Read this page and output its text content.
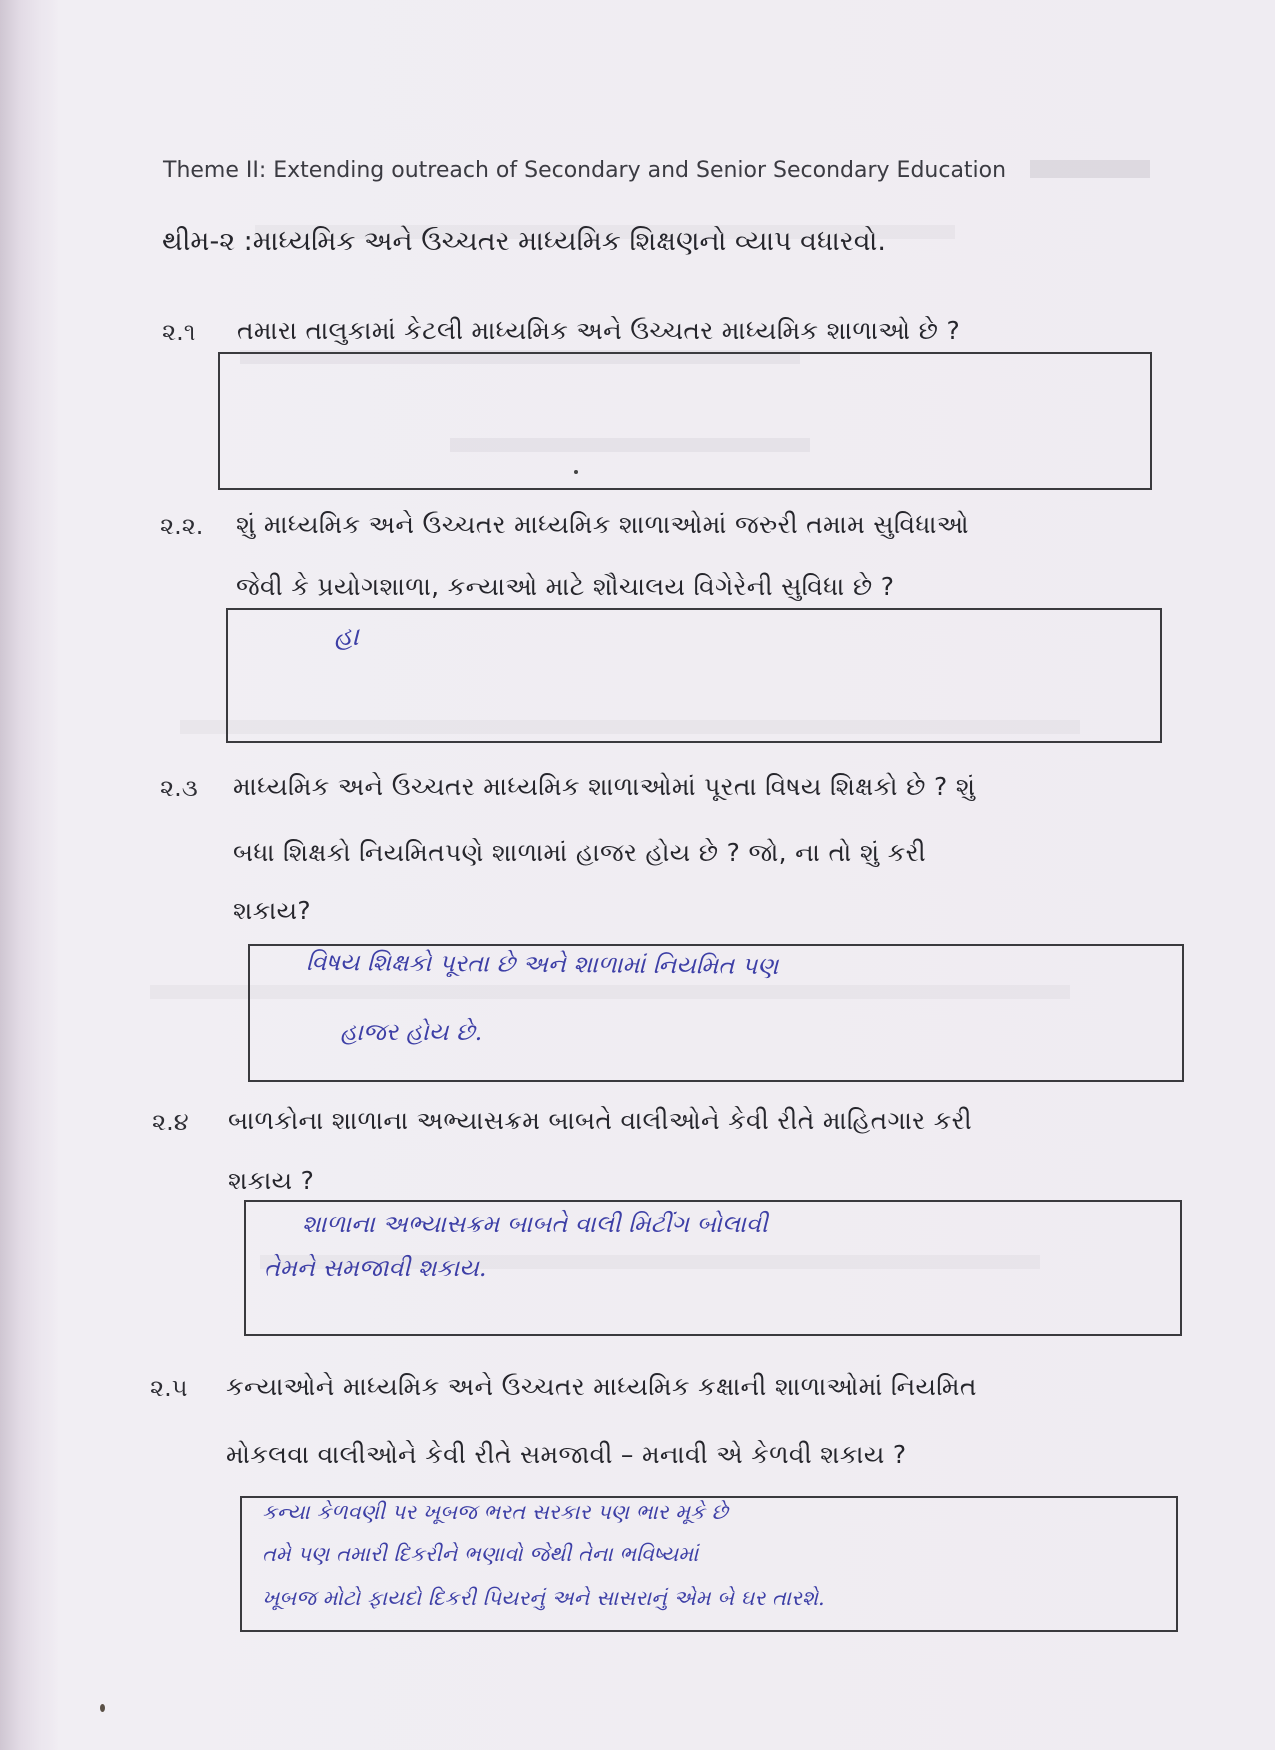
Theme II: Extending outreach of Secondary and Senior Secondary Education
થીમ-૨ :માધ્યમિક અને ઉચ્ચતર માધ્યમિક શિક્ષણનો વ્યાપ વધારવો.
૨.૧ તમારા તાલુકામાં કેટલી માધ્યમિક અને ઉચ્ચતર માધ્યમિક શાળાઓ છે ?
૨.૨. શું માધ્યમિક અને ઉચ્ચતર માધ્યમિક શાળાઓમાં જરુરી તમામ સુવિધાઓ
જેવી કે પ્રયોગશાળા, કન્યાઓ માટે શૌચાલય વિગેરેની સુવિધા છે ?
હા
૨.૩ માધ્યમિક અને ઉચ્ચતર માધ્યમિક શાળાઓમાં પૂરતા વિષય શિક્ષકો છે ? શું
બધા શિક્ષકો નિયમિતપણે શાળામાં હાજર હોય છે ? જો, ના તો શું કરી
શકાય?
વિષય શિક્ષકો પૂરતા છે અને શાળામાં નિયમિત પણ
હાજર હોય છે.
૨.૪ બાળકોના શાળાના અભ્યાસક્રમ બાબતે વાલીઓને કેવી રીતે માહિતગાર કરી
શકાય ?
શાળાના અભ્યાસક્રમ બાબતે વાલી મિટીંગ બોલાવી
તેમને સમજાવી શકાય.
૨.૫ કન્યાઓને માધ્યમિક અને ઉચ્ચતર માધ્યમિક કક્ષાની શાળાઓમાં નિયમિત
મોકલવા વાલીઓને કેવી રીતે સમજાવી – મનાવી એ કેળવી શકાય ?
કન્યા કેળવણી પર ખૂબજ ભરત સરકાર પણ ભાર મૂકે છે
તમે પણ તમારી દિકરીને ભણાવો જેથી તેના ભવિષ્યમાં
ખૂબજ મોટો ફાયદો દિકરી પિયરનું અને સાસરાનું એમ બે ઘર તારશે.
